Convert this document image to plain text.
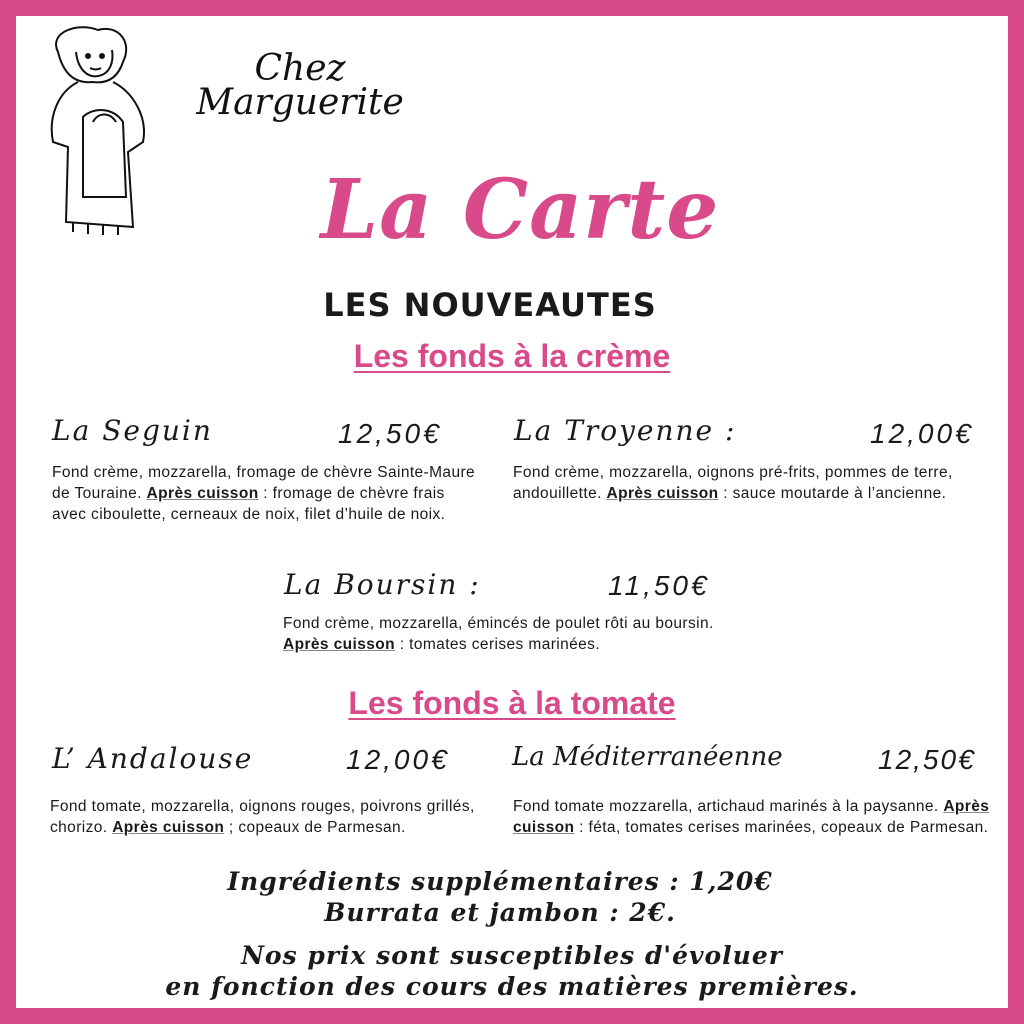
Chez
Marguerite
La Carte
LES NOUVEAUTES
Les fonds à la crème
La Seguin	12,50€
Fond crème, mozzarella, fromage de chèvre Sainte-Maure de Touraine. Après cuisson : fromage de chèvre frais avec ciboulette, cerneaux de noix, filet d’huile de noix.
La Troyenne :	12,00€
Fond crème, mozzarella, oignons pré-frits, pommes de terre, andouillette. Après cuisson : sauce moutarde à l’ancienne.
La Boursin :	11,50€
Fond crème, mozzarella, émincés de poulet rôti au boursin. Après cuisson : tomates cerises marinées.
Les fonds à la tomate
L’ Andalouse	12,00€
Fond tomate, mozzarella, oignons rouges, poivrons grillés, chorizo. Après cuisson ; copeaux de Parmesan.
La Méditerranéenne	12,50€
Fond tomate mozzarella, artichaud marinés à la paysanne. Après cuisson : féta, tomates cerises marinées, copeaux de Parmesan.
Ingrédients supplémentaires : 1,20€
Burrata et jambon : 2€.
Nos prix sont susceptibles d'évoluer
en fonction des cours des matières premières.
